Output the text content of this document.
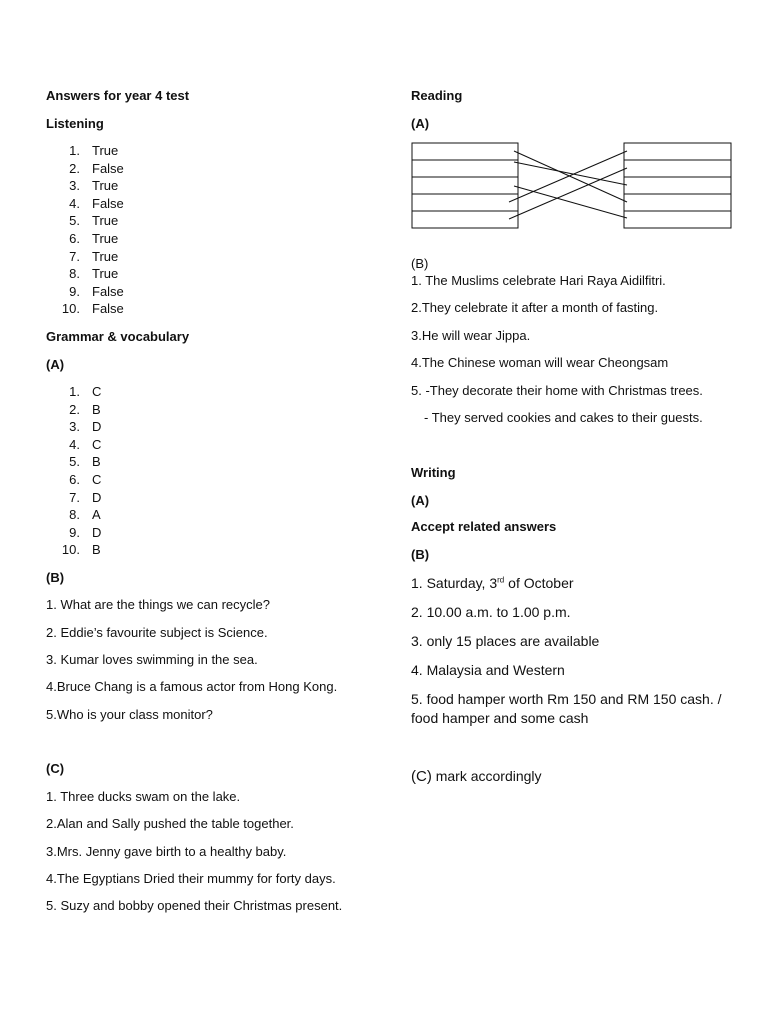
Answers for year 4 test
Listening
1. True
2. False
3. True
4. False
5. True
6. True
7. True
8. True
9. False
10. False
Grammar & vocabulary
(A)
1. C
2. B
3. D
4. C
5. B
6. C
7. D
8. A
9. D
10. B
(B)
1. What are the things we can recycle?
2. Eddie’s favourite subject is Science.
3. Kumar loves swimming in the sea.
4.Bruce Chang is a famous actor from Hong Kong.
5.Who is your class monitor?
(C)
1. Three ducks swam on the lake.
2.Alan and Sally pushed the table together.
3.Mrs. Jenny gave birth to a healthy baby.
4.The Egyptians Dried their mummy for forty days.
5. Suzy and bobby opened their Christmas present.
Reading
(A)
(B)
1. The Muslims celebrate Hari Raya Aidilfitri.
2.They celebrate it after a month of fasting.
3.He will wear Jippa.
4.The Chinese woman will wear Cheongsam
5. -They decorate their home with Christmas trees.
- They served cookies and cakes to their guests.
Writing
(A)
Accept related answers
(B)
1. Saturday, 3rd of October
2. 10.00 a.m. to 1.00 p.m.
3. only 15 places are available
4. Malaysia and Western
5. food hamper worth Rm 150 and RM 150 cash. /
food hamper and some cash
(C) mark accordingly
